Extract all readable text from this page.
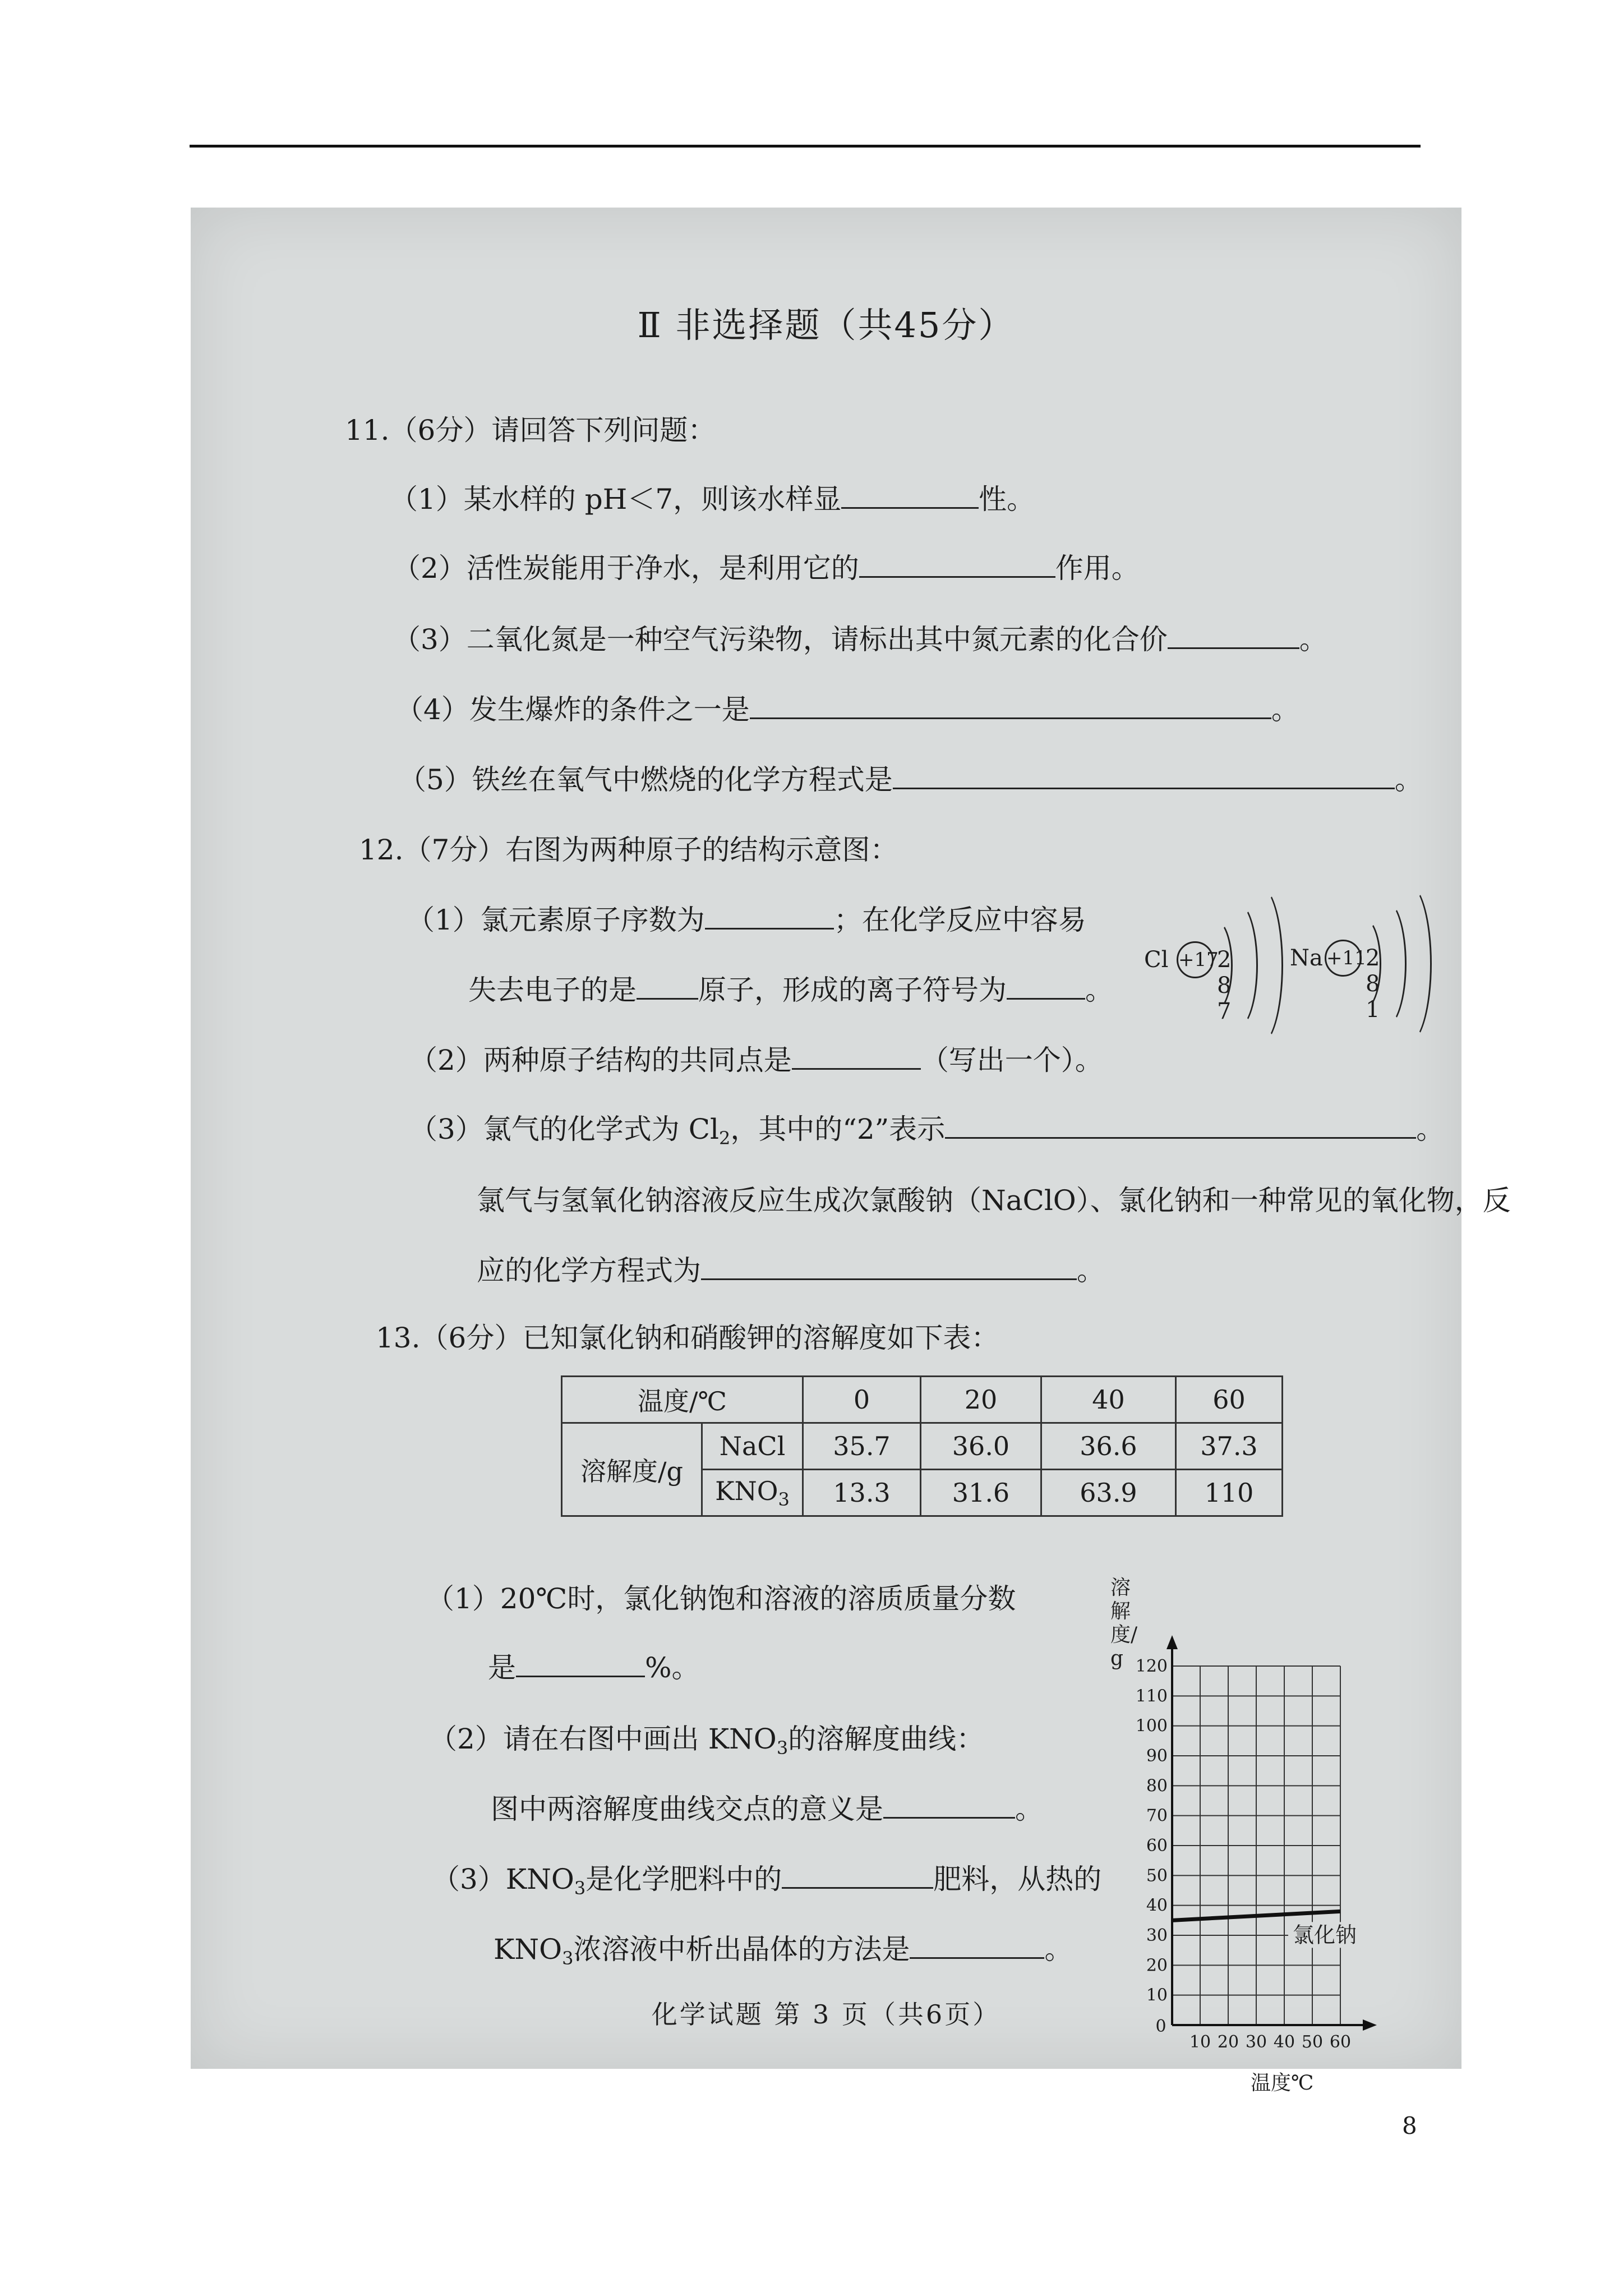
Ⅱ 非选择题（共45分）
11.（6分）请回答下列问题：
（1）某水样的 pH＜7，则该水样显	性。
（2）活性炭能用于净水，是利用它的	作用。
（3）二氧化氮是一种空气污染物，请标出其中氮元素的化合价	。
（4）发生爆炸的条件之一是	。
（5）铁丝在氧气中燃烧的化学方程式是	。
12.（7分）右图为两种原子的结构示意图：
（1）氯元素原子序数为	；在化学反应中容易
失去电子的是 原子，形成的离子符号为	。
Cl +17
2 8 7
Na +11
2 8 1
（2）两种原子结构的共同点是	（写出一个）。
（3）氯气的化学式为 $Cl_2$，其中的“2”表示	。
氯气与氢氧化钠溶液反应生成次氯酸钠（NaClO）、氯化钠和一种常见的氧化物，反
应的化学方程式为	。
13.（6分）已知氯化钠和硝酸钾的溶解度如下表：
温度/℃		0	20	40	60
溶解度/g	NaCl	35.7	36.0	36.6	37.3
	$KNO_3$	13.3	31.6	63.9	110
（1）20℃时，氯化钠饱和溶液的溶质质量分数
是	%。
（2）请在右图中画出 $KNO_3$的溶解度曲线：
图中两溶解度曲线交点的意义是	。
$(3)KNO_3$是化学肥料中的	肥料，从热的
$KNO_3$浓溶液中析出晶体的方法是	。
溶解度/g
10
20
30
40
50
60
70
80
90
100
110
120
0
10 20 30 40 50 60
氯化钠
温度℃
化学试题 第 3 页（共6页）
8
